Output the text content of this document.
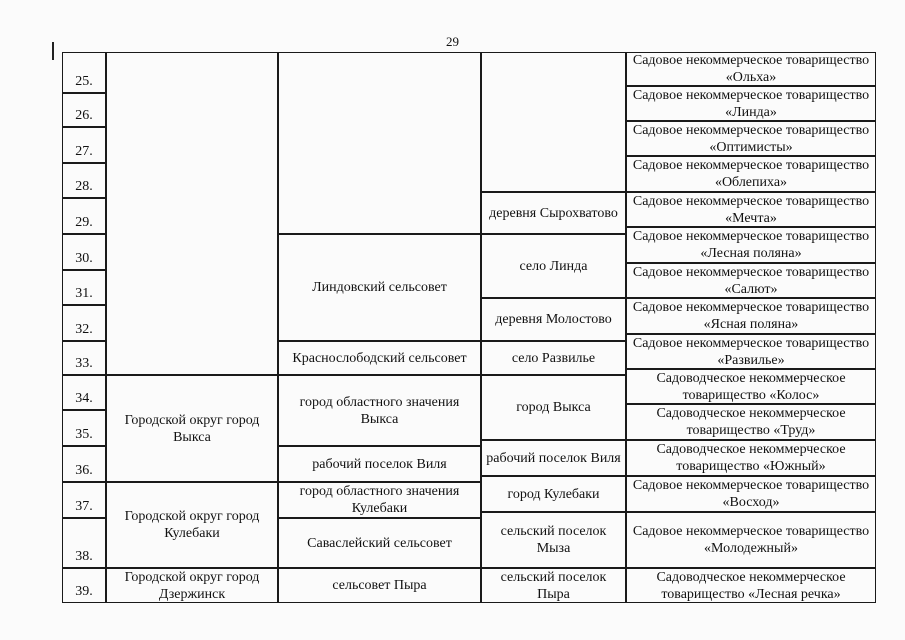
29
25.
26.
27.
28.
29.
30.
31.
32.
33.
34.
35.
36.
37.
38.
39.
Городской округ город Выкса
Городской округ город Кулебаки
Городской округ город Дзержинск
Линдовский сельсовет
Краснослободский сельсовет
город областного значения Выкса
рабочий поселок Виля
город областного значения Кулебаки
Саваслейский сельсовет
сельсовет Пыра
деревня Сырохватово
село Линда
деревня Молостово
село Развилье
город Выкса
рабочий поселок Виля
город Кулебаки
сельский поселок Мыза
сельский поселок Пыра
Садовое некоммерческое товарищество «Ольха»
Садовое некоммерческое товарищество «Линда»
Садовое некоммерческое товарищество «Оптимисты»
Садовое некоммерческое товарищество «Облепиха»
Садовое некоммерческое товарищество «Мечта»
Садовое некоммерческое товарищество «Лесная поляна»
Садовое некоммерческое товарищество «Салют»
Садовое некоммерческое товарищество «Ясная поляна»
Садовое некоммерческое товарищество «Развилье»
Садоводческое некоммерческое товарищество «Колос»
Садоводческое некоммерческое товарищество «Труд»
Садоводческое некоммерческое товарищество «Южный»
Садовое некоммерческое товарищество «Восход»
Садовое некоммерческое товарищество «Молодежный»
Садоводческое некоммерческое товарищество «Лесная речка»
